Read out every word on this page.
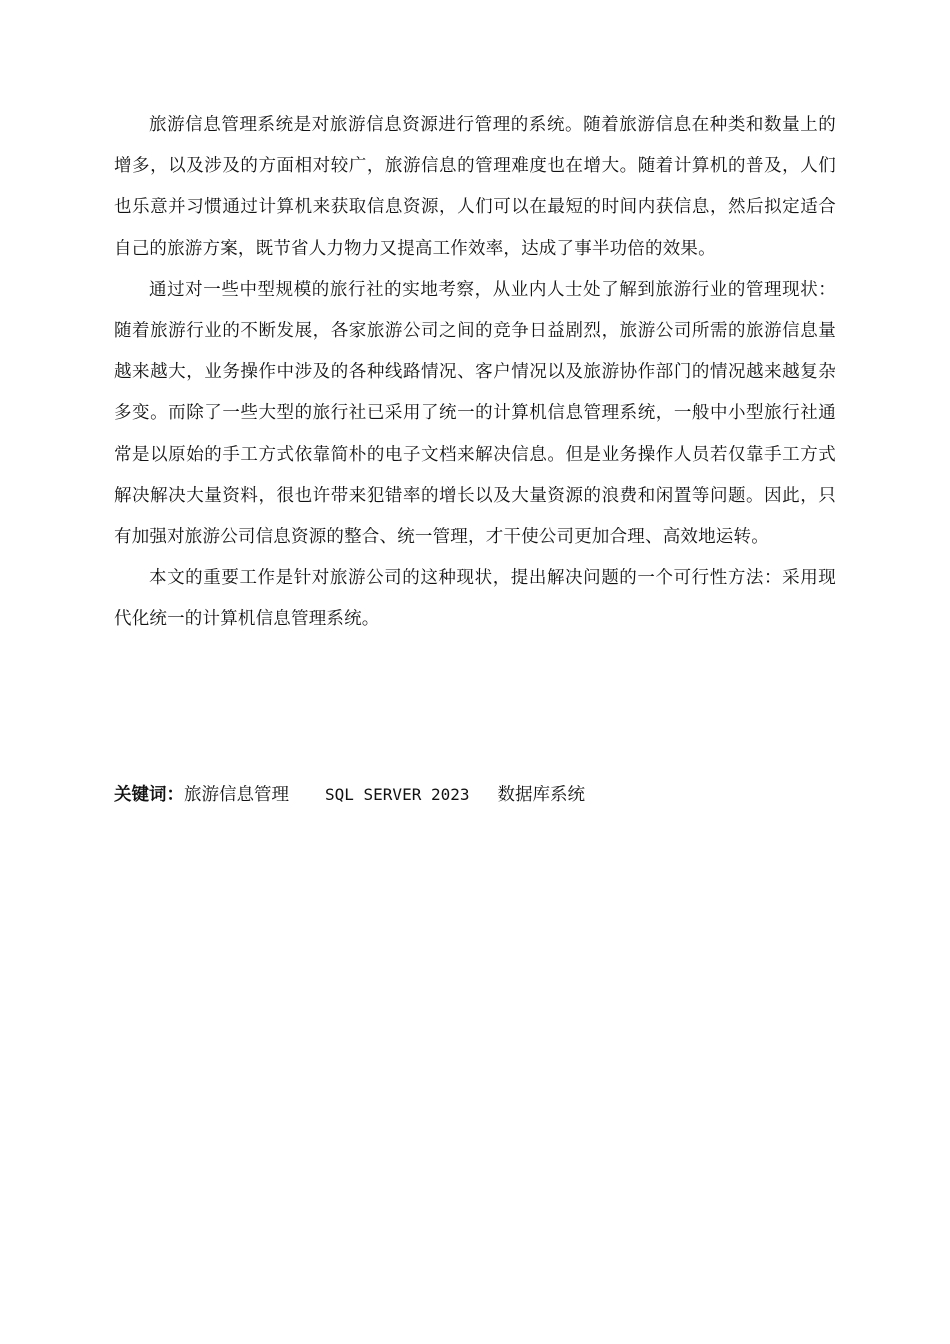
旅游信息管理系统是对旅游信息资源进行管理的系统。随着旅游信息在种类和数量上的增多，以及涉及的方面相对较广，旅游信息的管理难度也在增大。随着计算机的普及，人们也乐意并习惯通过计算机来获取信息资源，人们可以在最短的时间内获信息，然后拟定适合自己的旅游方案，既节省人力物力又提高工作效率，达成了事半功倍的效果。

通过对一些中型规模的旅行社的实地考察，从业内人士处了解到旅游行业的管理现状：随着旅游行业的不断发展，各家旅游公司之间的竞争日益剧烈，旅游公司所需的旅游信息量越来越大，业务操作中涉及的各种线路情况、客户情况以及旅游协作部门的情况越来越复杂多变。而除了一些大型的旅行社已采用了统一的计算机信息管理系统，一般中小型旅行社通常是以原始的手工方式依靠简朴的电子文档来解决信息。但是业务操作人员若仅靠手工方式解决解决大量资料，很也许带来犯错率的增长以及大量资源的浪费和闲置等问题。因此，只有加强对旅游公司信息资源的整合、统一管理，才干使公司更加合理、高效地运转。

本文的重要工作是针对旅游公司的这种现状，提出解决问题的一个可行性方法：采用现代化统一的计算机信息管理系统。

关键词：旅游信息管理 SQL SERVER 2023 数据库系统
